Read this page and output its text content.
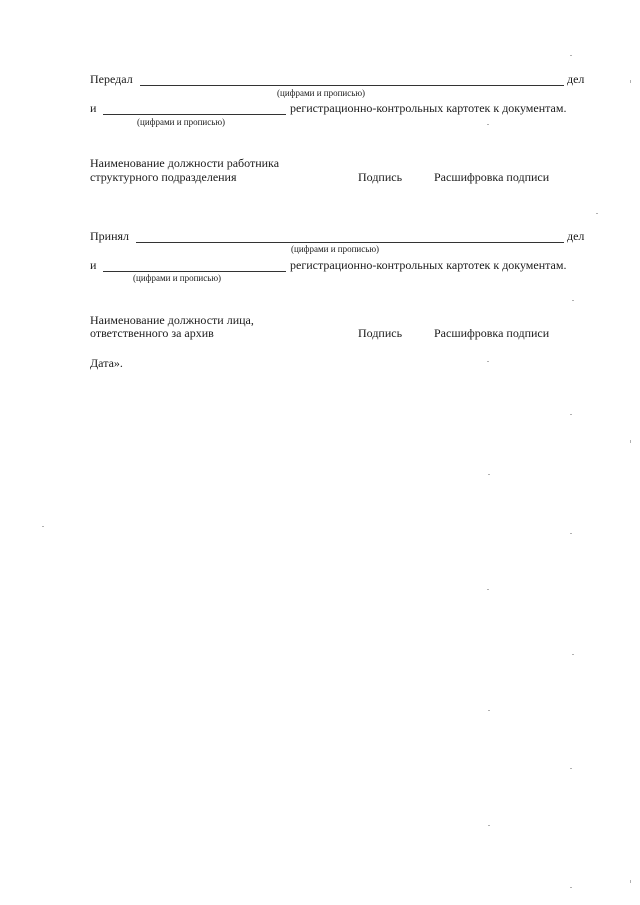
Передал	дел
(цифрами и прописью)
и	регистрационно-контрольных картотек к документам.
(цифрами и прописью)
Наименование должности работника
структурного подразделения	Подпись	Расшифровка подписи
Принял	дел
(цифрами и прописью)
и	регистрационно-контрольных картотек к документам.
(цифрами и прописью)
Наименование должности лица,
ответственного за архив	Подпись	Расшифровка подписи
Дата».
